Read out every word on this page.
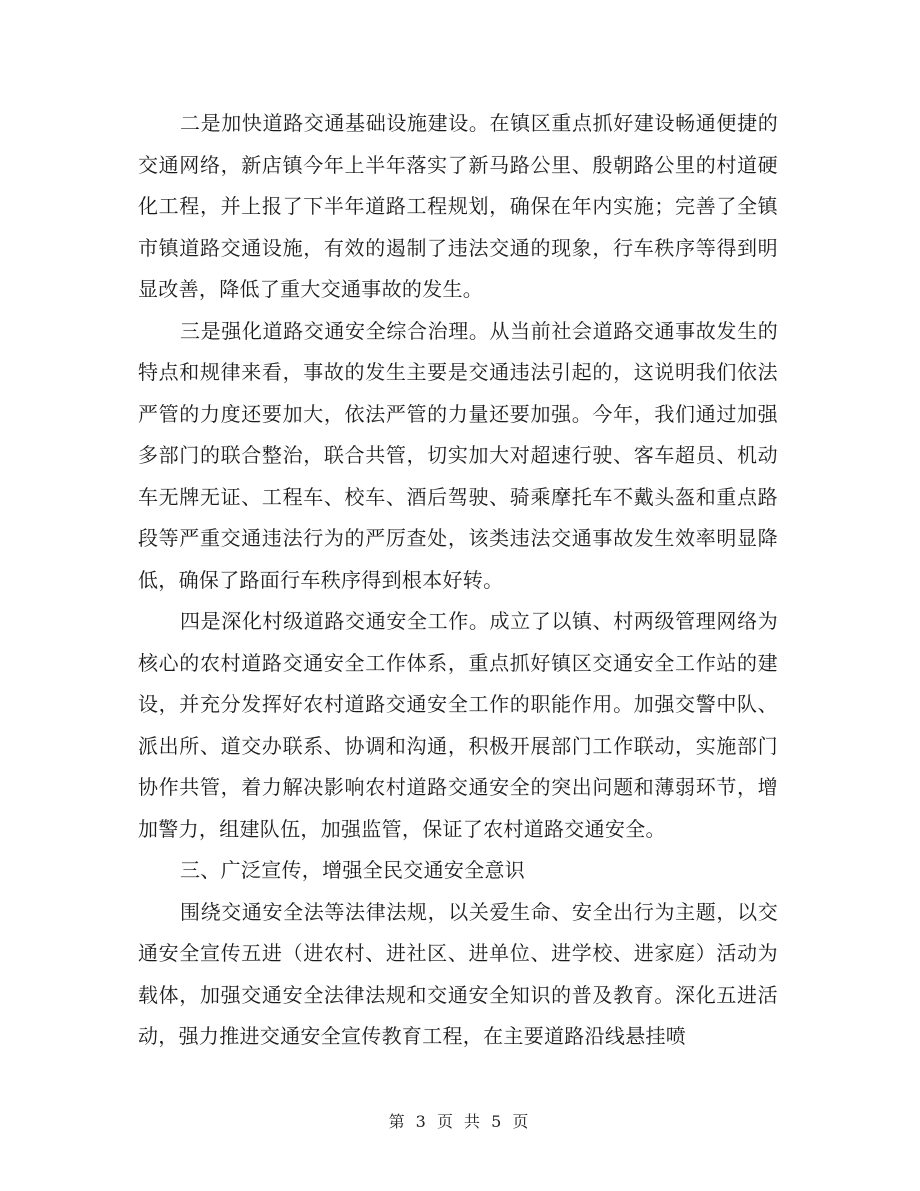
二是加快道路交通基础设施建设。在镇区重点抓好建设畅通便捷的交通网络，新店镇今年上半年落实了新马路公里、殷朝路公里的村道硬化工程，并上报了下半年道路工程规划，确保在年内实施；完善了全镇市镇道路交通设施，有效的遏制了违法交通的现象，行车秩序等得到明显改善，降低了重大交通事故的发生。

三是强化道路交通安全综合治理。从当前社会道路交通事故发生的特点和规律来看，事故的发生主要是交通违法引起的，这说明我们依法严管的力度还要加大，依法严管的力量还要加强。今年，我们通过加强多部门的联合整治，联合共管，切实加大对超速行驶、客车超员、机动车无牌无证、工程车、校车、酒后驾驶、骑乘摩托车不戴头盔和重点路段等严重交通违法行为的严厉查处，该类违法交通事故发生效率明显降低，确保了路面行车秩序得到根本好转。

四是深化村级道路交通安全工作。成立了以镇、村两级管理网络为核心的农村道路交通安全工作体系，重点抓好镇区交通安全工作站的建设，并充分发挥好农村道路交通安全工作的职能作用。加强交警中队、派出所、道交办联系、协调和沟通，积极开展部门工作联动，实施部门协作共管，着力解决影响农村道路交通安全的突出问题和薄弱环节，增加警力，组建队伍，加强监管，保证了农村道路交通安全。

三、广泛宣传，增强全民交通安全意识

围绕交通安全法等法律法规，以关爱生命、安全出行为主题，以交通安全宣传五进（进农村、进社区、进单位、进学校、进家庭）活动为载体，加强交通安全法律法规和交通安全知识的普及教育。深化五进活动，强力推进交通安全宣传教育工程，在主要道路沿线悬挂喷

第 3 页 共 5 页
